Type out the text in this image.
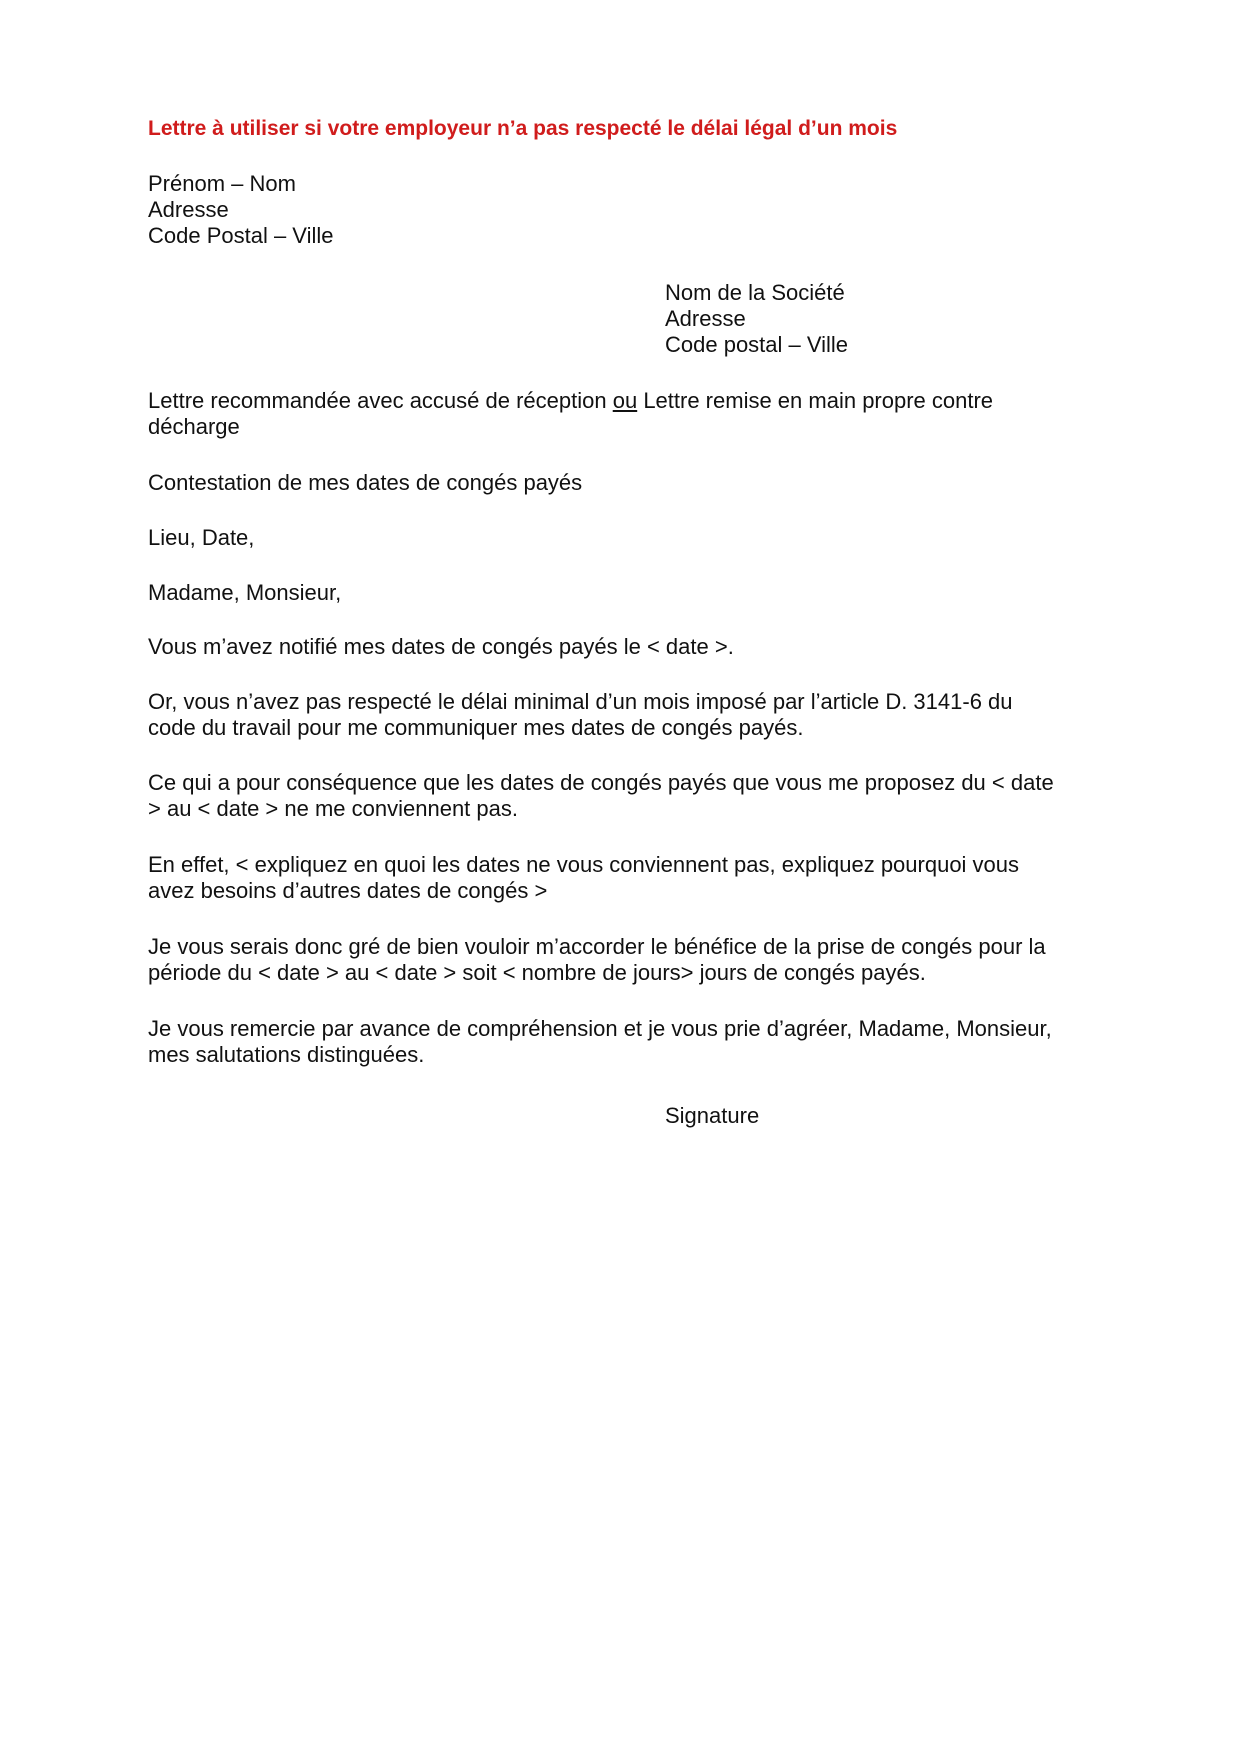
Lettre à utiliser si votre employeur n’a pas respecté le délai légal d’un mois
Prénom – Nom
Adresse
Code Postal – Ville
Nom de la Société
Adresse
Code postal – Ville
Lettre recommandée avec accusé de réception ou Lettre remise en main propre contre
décharge
Contestation de mes dates de congés payés
Lieu, Date,
Madame, Monsieur,
Vous m’avez notifié mes dates de congés payés le < date >.
Or, vous n’avez pas respecté le délai minimal d’un mois imposé par l’article D. 3141-6 du
code du travail pour me communiquer mes dates de congés payés.
Ce qui a pour conséquence que les dates de congés payés que vous me proposez du < date
> au < date > ne me conviennent pas.
En effet, < expliquez en quoi les dates ne vous conviennent pas, expliquez pourquoi vous
avez besoins d’autres dates de congés >
Je vous serais donc gré de bien vouloir m’accorder le bénéfice de la prise de congés pour la
période du < date > au < date > soit < nombre de jours> jours de congés payés.
Je vous remercie par avance de compréhension et je vous prie d’agréer, Madame, Monsieur,
mes salutations distinguées.
Signature
